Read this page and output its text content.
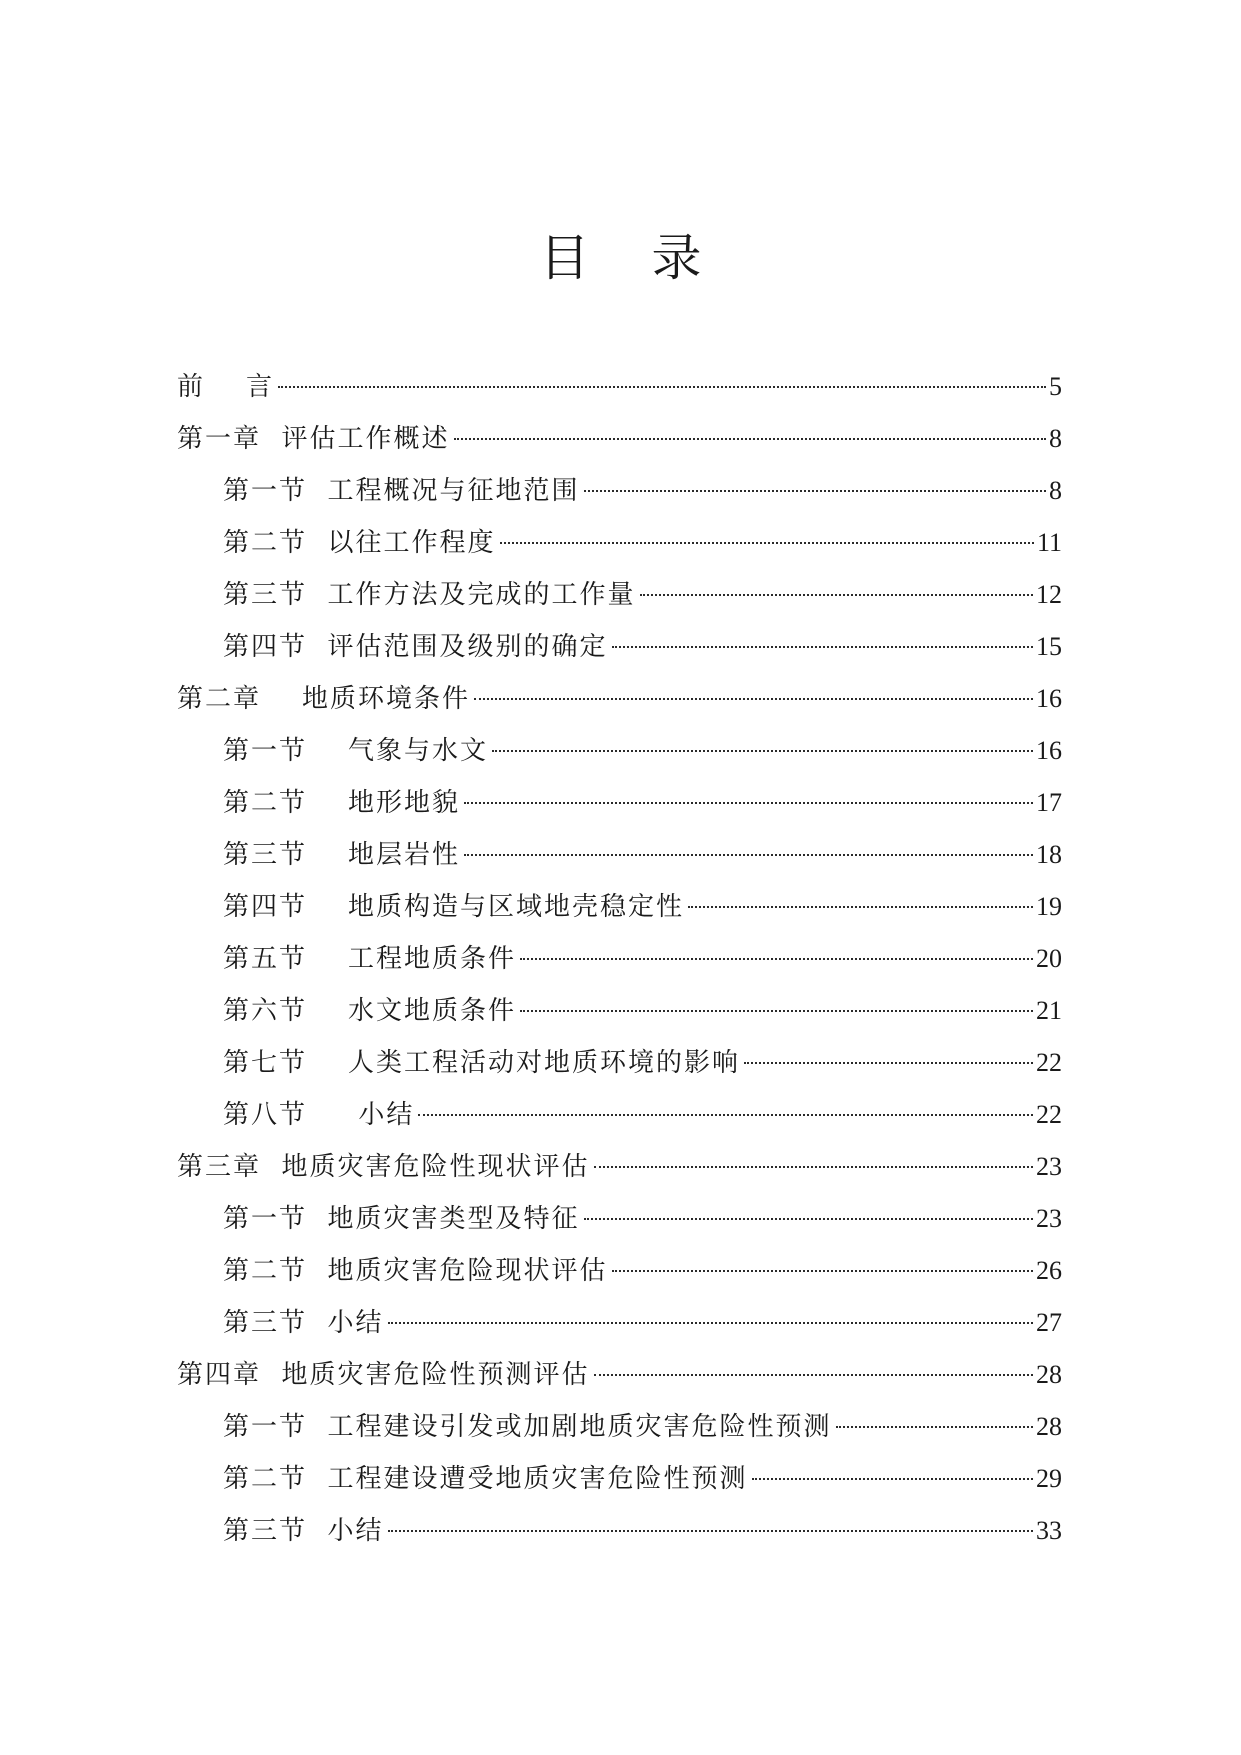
目录
前    言	5
第一章  评估工作概述	8
第一节  工程概况与征地范围	8
第二节  以往工作程度	11
第三节  工作方法及完成的工作量	12
第四节  评估范围及级别的确定	15
第二章    地质环境条件	16
第一节    气象与水文	16
第二节    地形地貌	17
第三节    地层岩性	18
第四节    地质构造与区域地壳稳定性	19
第五节    工程地质条件	20
第六节    水文地质条件	21
第七节    人类工程活动对地质环境的影响	22
第八节     小结	22
第三章  地质灾害危险性现状评估	23
第一节  地质灾害类型及特征	23
第二节  地质灾害危险现状评估	26
第三节  小结	27
第四章  地质灾害危险性预测评估	28
第一节  工程建设引发或加剧地质灾害危险性预测	28
第二节  工程建设遭受地质灾害危险性预测	29
第三节  小结	33
